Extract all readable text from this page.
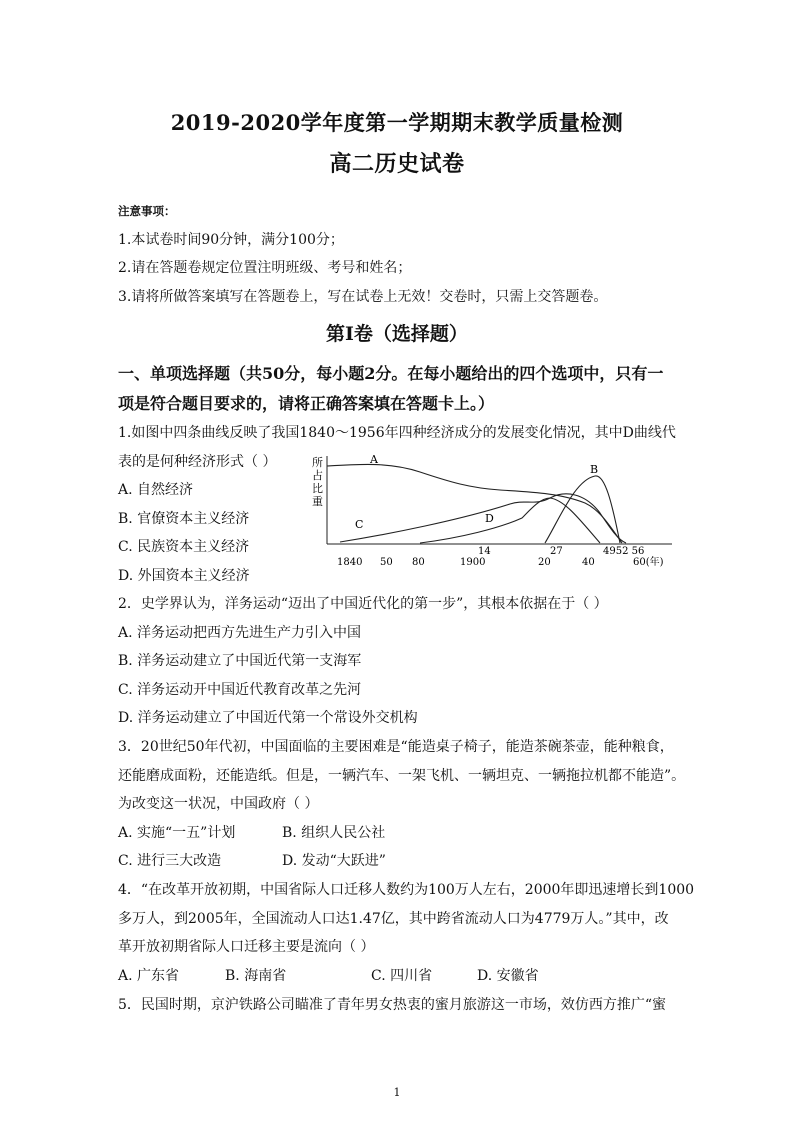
2019-2020学年度第一学期期末教学质量检测
高二历史试卷
注意事项：
1.本试卷时间90分钟，满分100分；
2.请在答题卷规定位置注明班级、考号和姓名；
3.请将所做答案填写在答题卷上，写在试卷上无效！交卷时，只需上交答题卷。
第Ⅰ卷（选择题）
一、单项选择题（共50分，每小题2分。在每小题给出的四个选项中，只有一
项是符合题目要求的，请将正确答案填在答题卡上。）
1.如图中四条曲线反映了我国1840～1956年四种经济成分的发展变化情况，其中D曲线代
表的是何种经济形式（ ）
A. 自然经济
B. 官僚资本主义经济
C. 民族资本主义经济
D. 外国资本主义经济
所
占
比
重
A
B
C	D
14
1840 50 80	1900	20
27
40
4952 56
60(年)
2．史学界认为，洋务运动“迈出了中国近代化的第一步”，其根本依据在于（ ）
A. 洋务运动把西方先进生产力引入中国
B. 洋务运动建立了中国近代第一支海军
C. 洋务运动开中国近代教育改革之先河
D. 洋务运动建立了中国近代第一个常设外交机构
3．20世纪50年代初，中国面临的主要困难是“能造桌子椅子，能造茶碗茶壶，能种粮食，
还能磨成面粉，还能造纸。但是，一辆汽车、一架飞机、一辆坦克、一辆拖拉机都不能造”。
为改变这一状况，中国政府（ ）
A. 实施“一五”计划	B. 组织人民公社
C. 进行三大改造	D. 发动“大跃进”
4．“在改革开放初期，中国省际人口迁移人数约为100万人左右，2000年即迅速增长到1000
多万人，到2005年，全国流动人口达1.47亿，其中跨省流动人口为4779万人。”其中，改
革开放初期省际人口迁移主要是流向（ ）
A. 广东省	B. 海南省	C. 四川省	D. 安徽省
5．民国时期，京沪铁路公司瞄准了青年男女热衷的蜜月旅游这一市场，效仿西方推广“蜜
1
